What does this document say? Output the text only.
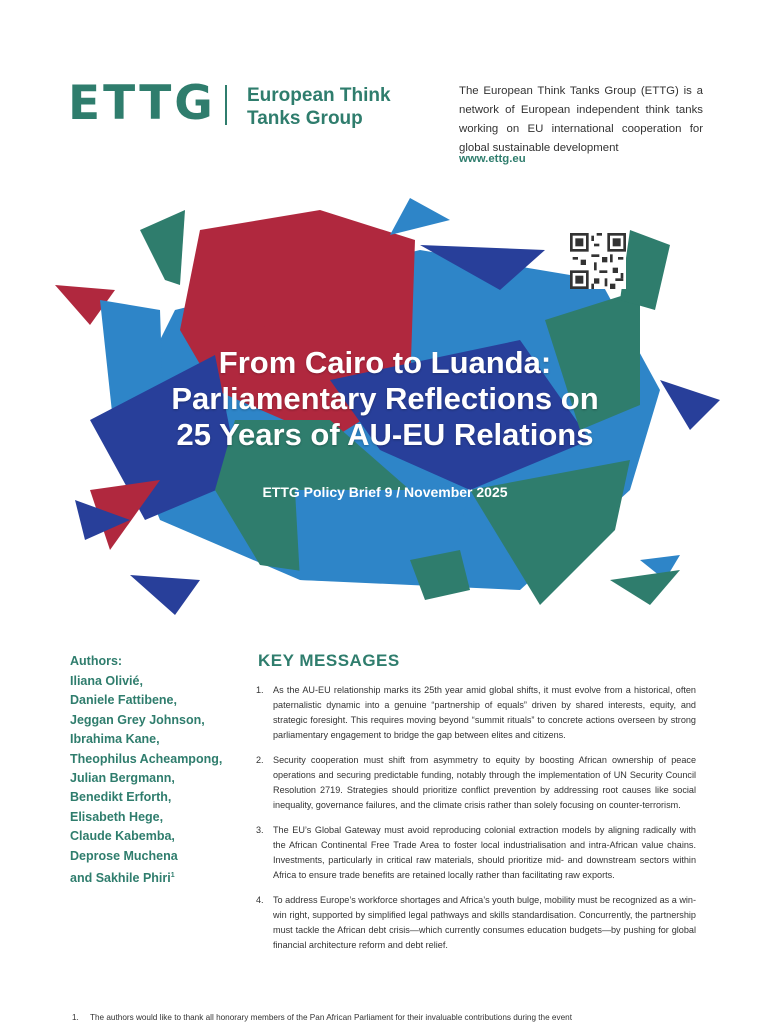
ETTG European Think
Tanks Group
The European Think Tanks Group (ETTG) is a network of European independent think tanks working on EU international cooperation for global sustainable development
www.ettg.eu
From Cairo to Luanda:
Parliamentary Reflections on
25 Years of AU-EU Relations
ETTG Policy Brief 9 / November 2025
Authors:
Iliana Olivié,
Daniele Fattibene,
Jeggan Grey Johnson,
Ibrahima Kane,
Theophilus Acheampong,
Julian Bergmann,
Benedikt Erforth,
Elisabeth Hege,
Claude Kabemba,
Deprose Muchena
and Sakhile Phiri$^1$
KEY MESSAGES
1. As the AU-EU relationship marks its 25th year amid global shifts, it must evolve from a historical, often paternalistic dynamic into a genuine “partnership of equals” driven by shared interests, equity, and strategic foresight. This requires moving beyond “summit rituals” to concrete actions overseen by strong parliamentary engagement to bridge the gap between elites and citizens.
2. Security cooperation must shift from asymmetry to equity by boosting African ownership of peace operations and securing predictable funding, notably through the implementation of UN Security Council Resolution 2719. Strategies should prioritize conflict prevention by addressing root causes like social inequality, governance failures, and the climate crisis rather than solely focusing on counter-terrorism.
3. The EU’s Global Gateway must avoid reproducing colonial extraction models by aligning radically with the African Continental Free Trade Area to foster local industrialisation and intra-African value chains. Investments, particularly in critical raw materials, should prioritize mid- and downstream sectors within Africa to ensure trade benefits are retained locally rather than facilitating raw exports.
4. To address Europe’s workforce shortages and Africa’s youth bulge, mobility must be recognized as a win-win right, supported by simplified legal pathways and skills standardisation. Concurrently, the partnership must tackle the African debt crisis—which currently consumes education budgets—by pushing for global financial architecture reform and debt relief.
1. The authors would like to thank all honorary members of the Pan African Parliament for their invaluable contributions during the event
